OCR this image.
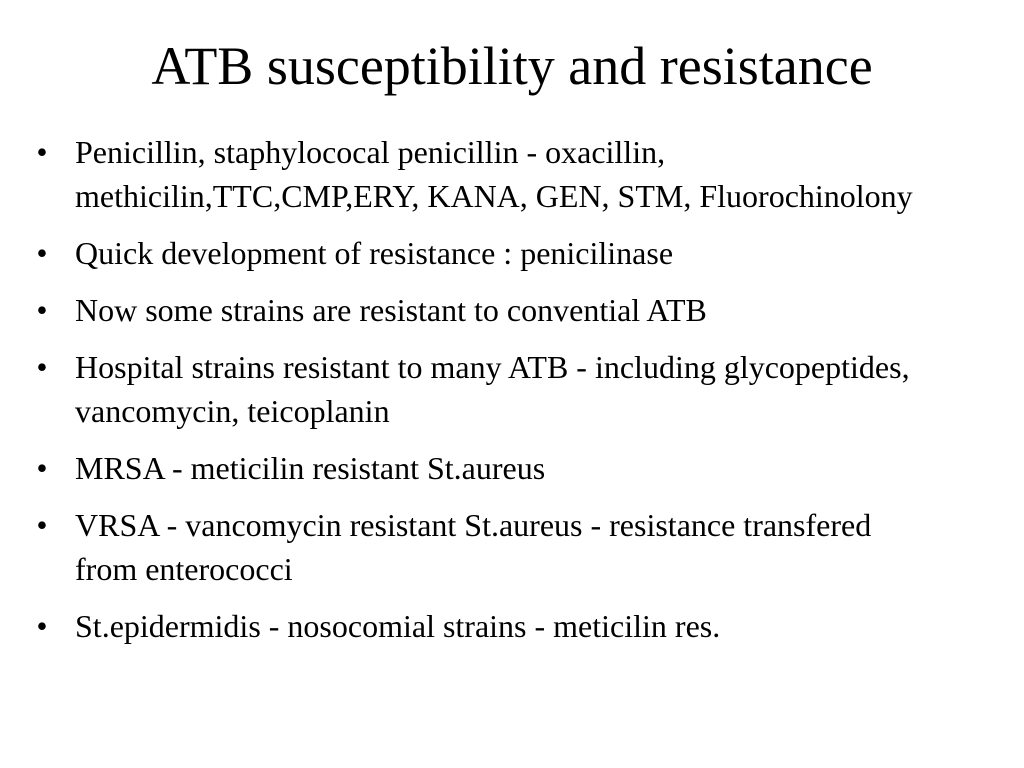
ATB susceptibility and resistance
• Penicillin, staphylococal penicillin - oxacillin, methicilin,TTC,CMP,ERY, KANA, GEN, STM, Fluorochinolony
• Quick development of resistance : penicilinase
• Now some strains are resistant to convential ATB
• Hospital strains resistant to many ATB - including glycopeptides, vancomycin, teicoplanin
• MRSA - meticilin resistant St.aureus
• VRSA - vancomycin resistant St.aureus - resistance transfered from enterococci
• St.epidermidis - nosocomial strains - meticilin res.
